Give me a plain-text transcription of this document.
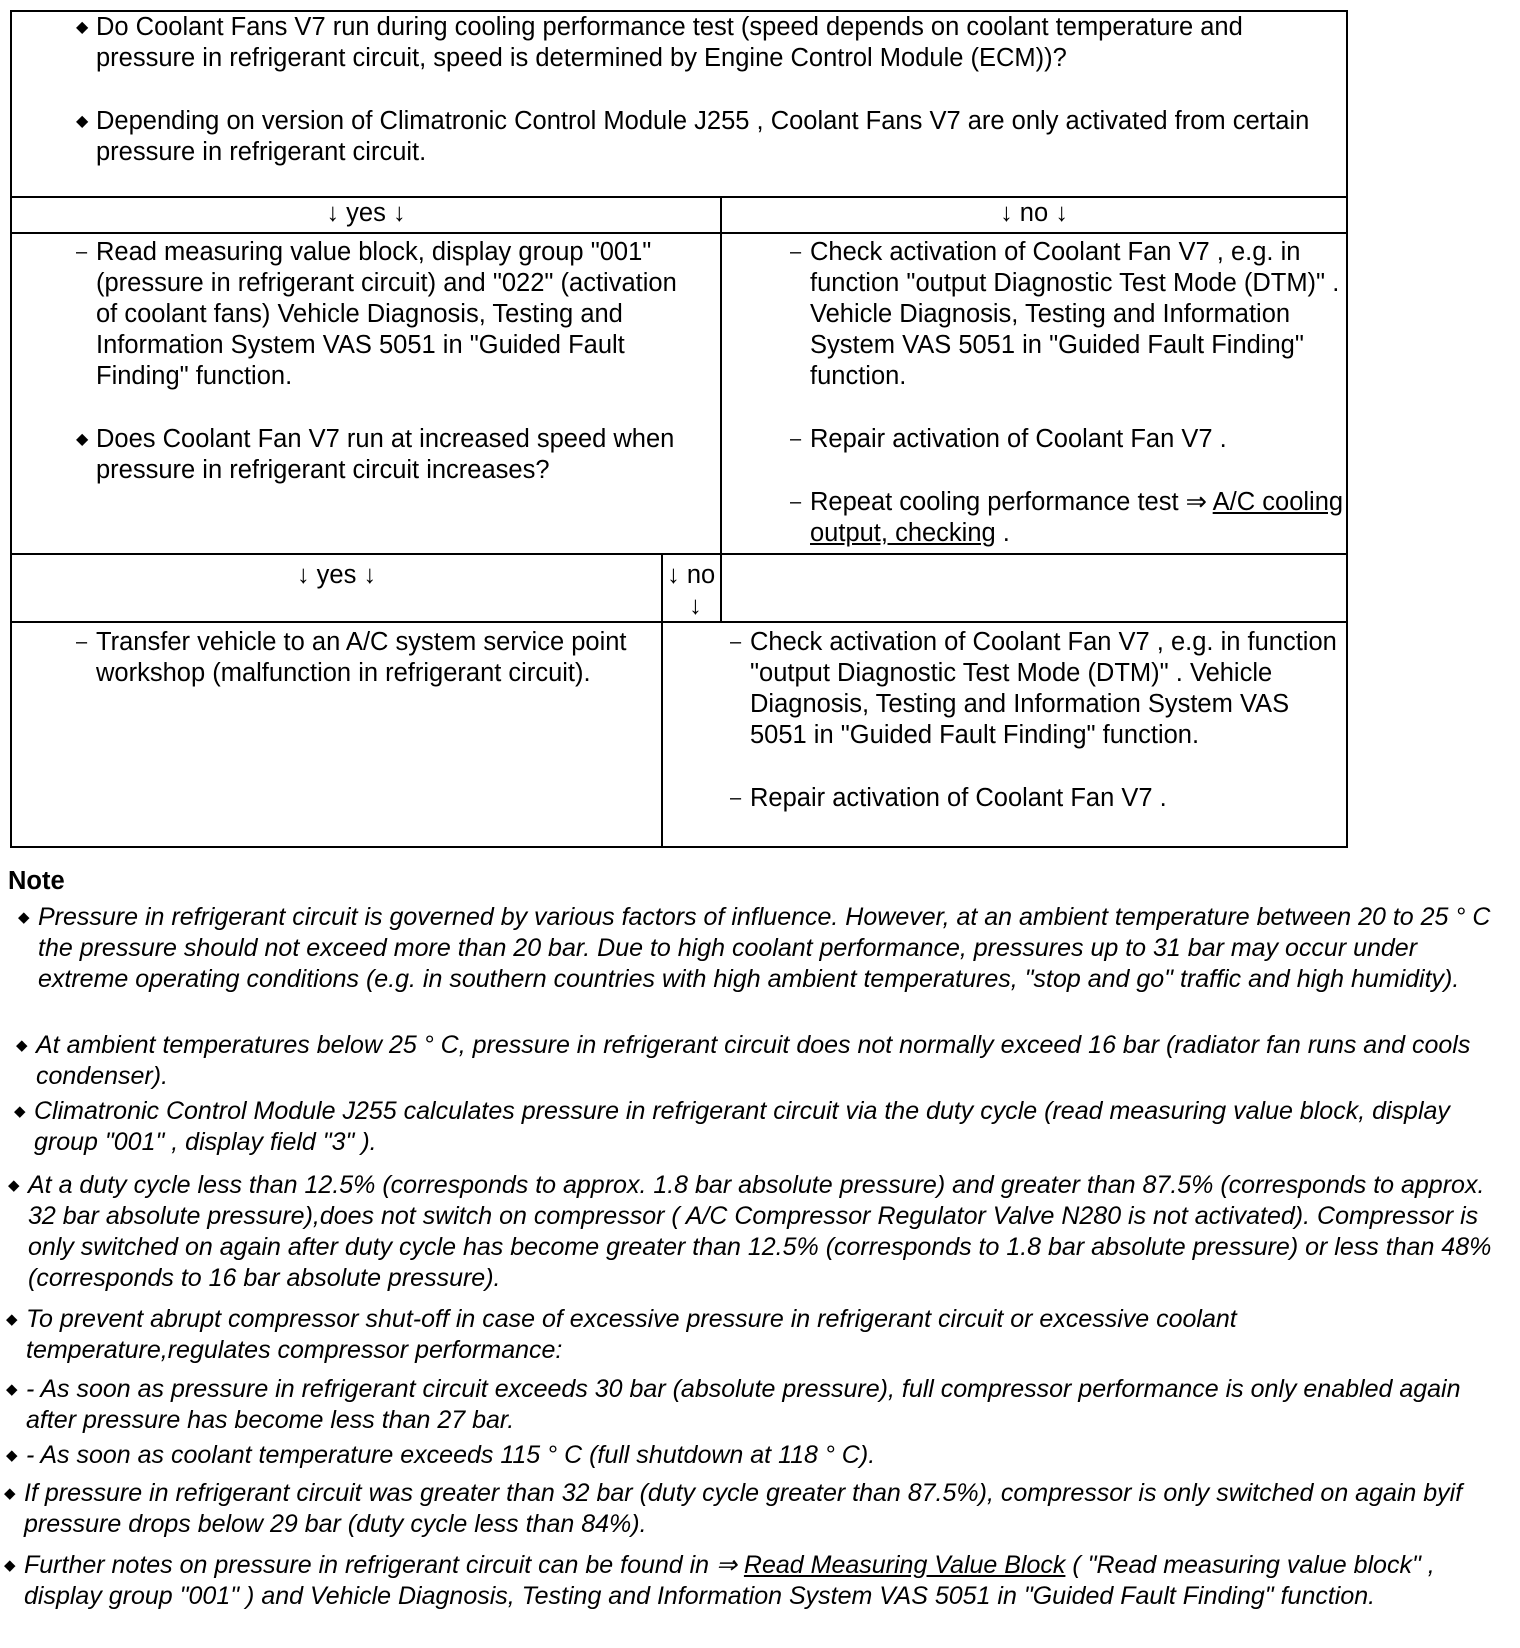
◆ Do Coolant Fans V7 run during cooling performance test (speed depends on coolant temperature and pressure in refrigerant circuit, speed is determined by Engine Control Module (ECM))?
◆ Depending on version of Climatronic Control Module J255 , Coolant Fans V7 are only activated from certain pressure in refrigerant circuit.
↓ yes ↓	↓ no ↓
– Read measuring value block, display group "001" (pressure in refrigerant circuit) and "022" (activation of coolant fans) Vehicle Diagnosis, Testing and Information System VAS 5051 in "Guided Fault Finding" function.
◆ Does Coolant Fan V7 run at increased speed when pressure in refrigerant circuit increases?
– Check activation of Coolant Fan V7 , e.g. in function "output Diagnostic Test Mode (DTM)" . Vehicle Diagnosis, Testing and Information System VAS 5051 in "Guided Fault Finding" function.
– Repair activation of Coolant Fan V7 .
– Repeat cooling performance test ⇒ A/C cooling output, checking .
↓ yes ↓	↓ no
↓
– Transfer vehicle to an A/C system service point workshop (malfunction in refrigerant circuit).
– Check activation of Coolant Fan V7 , e.g. in function "output Diagnostic Test Mode (DTM)" . Vehicle Diagnosis, Testing and Information System VAS 5051 in "Guided Fault Finding" function.
– Repair activation of Coolant Fan V7 .
Note
◆ Pressure in refrigerant circuit is governed by various factors of influence. However, at an ambient temperature between 20 to 25 ° C the pressure should not exceed more than 20 bar. Due to high coolant performance, pressures up to 31 bar may occur under extreme operating conditions (e.g. in southern countries with high ambient temperatures, "stop and go" traffic and high humidity).
◆ At ambient temperatures below 25 ° C, pressure in refrigerant circuit does not normally exceed 16 bar (radiator fan runs and cools condenser).
◆ Climatronic Control Module J255 calculates pressure in refrigerant circuit via the duty cycle (read measuring value block, display group "001" , display field "3" ).
◆ At a duty cycle less than 12.5% (corresponds to approx. 1.8 bar absolute pressure) and greater than 87.5% (corresponds to approx. 32 bar absolute pressure),does not switch on compressor ( A/C Compressor Regulator Valve N280 is not activated). Compressor is only switched on again after duty cycle has become greater than 12.5% (corresponds to 1.8 bar absolute pressure) or less than 48% (corresponds to 16 bar absolute pressure).
◆ To prevent abrupt compressor shut-off in case of excessive pressure in refrigerant circuit or excessive coolant temperature,regulates compressor performance:
◆ - As soon as pressure in refrigerant circuit exceeds 30 bar (absolute pressure), full compressor performance is only enabled again after pressure has become less than 27 bar.
◆ - As soon as coolant temperature exceeds 115 ° C (full shutdown at 118 ° C).
◆ If pressure in refrigerant circuit was greater than 32 bar (duty cycle greater than 87.5%), compressor is only switched on again byif pressure drops below 29 bar (duty cycle less than 84%).
◆ Further notes on pressure in refrigerant circuit can be found in ⇒ Read Measuring Value Block ( "Read measuring value block" , display group "001" ) and Vehicle Diagnosis, Testing and Information System VAS 5051 in "Guided Fault Finding" function.
